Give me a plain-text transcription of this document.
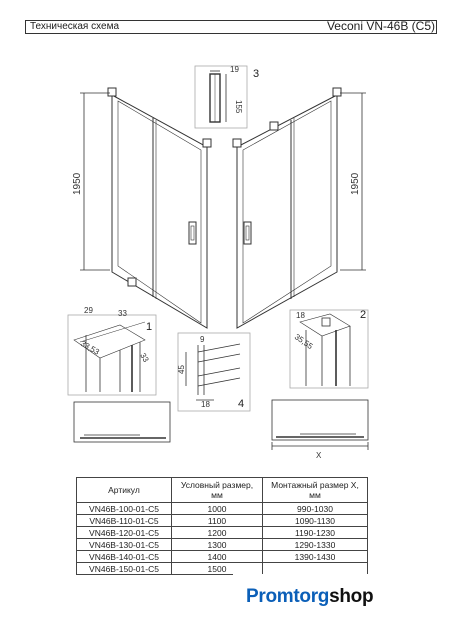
Техническая схема	Veconi VN-46B (C5)
1950	1950
19
155
3
29	33
33,53
33
1
18
35,55
2
9
45
18	4
X
Артикул	Условный размер, мм	Монтажный размер X, мм
VN46B-100-01-C5	1000	990-1030
VN46B-110-01-C5	1100	1090-1130
VN46B-120-01-C5	1200	1190-1230
VN46B-130-01-C5	1300	1290-1330
VN46B-140-01-C5	1400	1390-1430
VN46B-150-01-C5	1500	
Promtorgshop
